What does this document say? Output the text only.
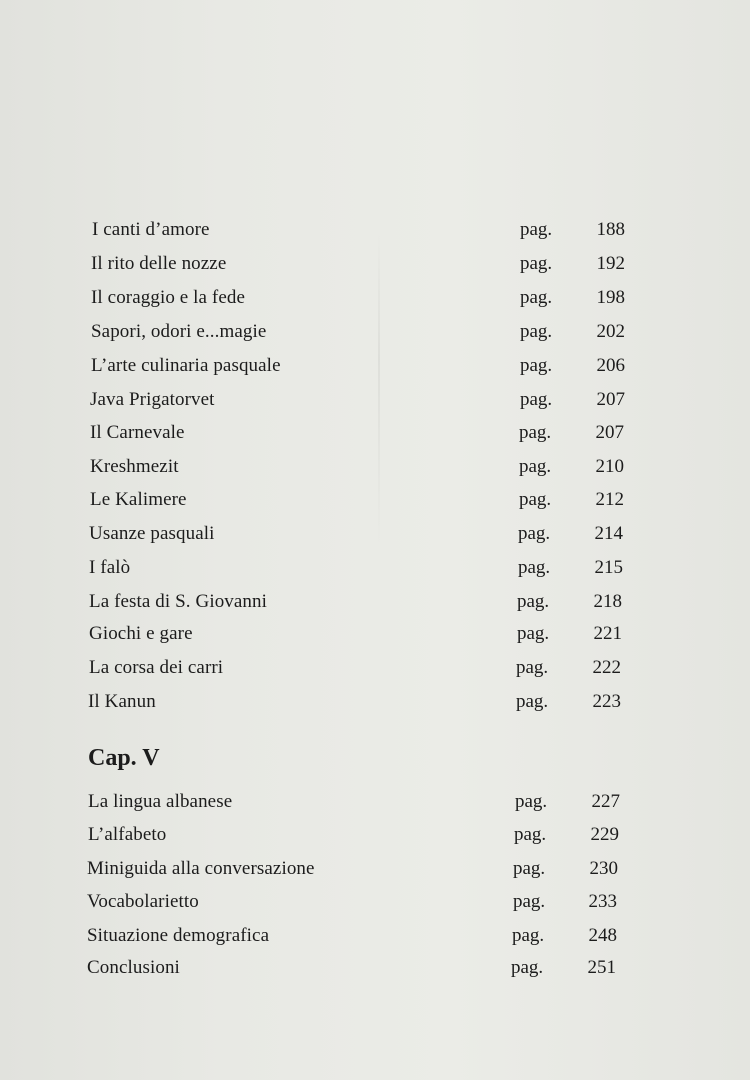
I canti d’amore	pag.	188
Il rito delle nozze	pag.	192
Il coraggio e la fede	pag.	198
Sapori, odori e...magie	pag.	202
L’arte culinaria pasquale	pag.	206
Java Prigatorvet	pag.	207
Il Carnevale	pag.	207
Kreshmezit	pag.	210
Le Kalimere	pag.	212
Usanze pasquali	pag.	214
I falò	pag.	215
La festa di S. Giovanni	pag.	218
Giochi e gare	pag.	221
La corsa dei carri	pag.	222
Il Kanun	pag.	223
Cap. V
La lingua albanese	pag.	227
L’alfabeto	pag.	229
Miniguida alla conversazione	pag.	230
Vocabolarietto	pag.	233
Situazione demografica	pag.	248
Conclusioni	pag.	251
